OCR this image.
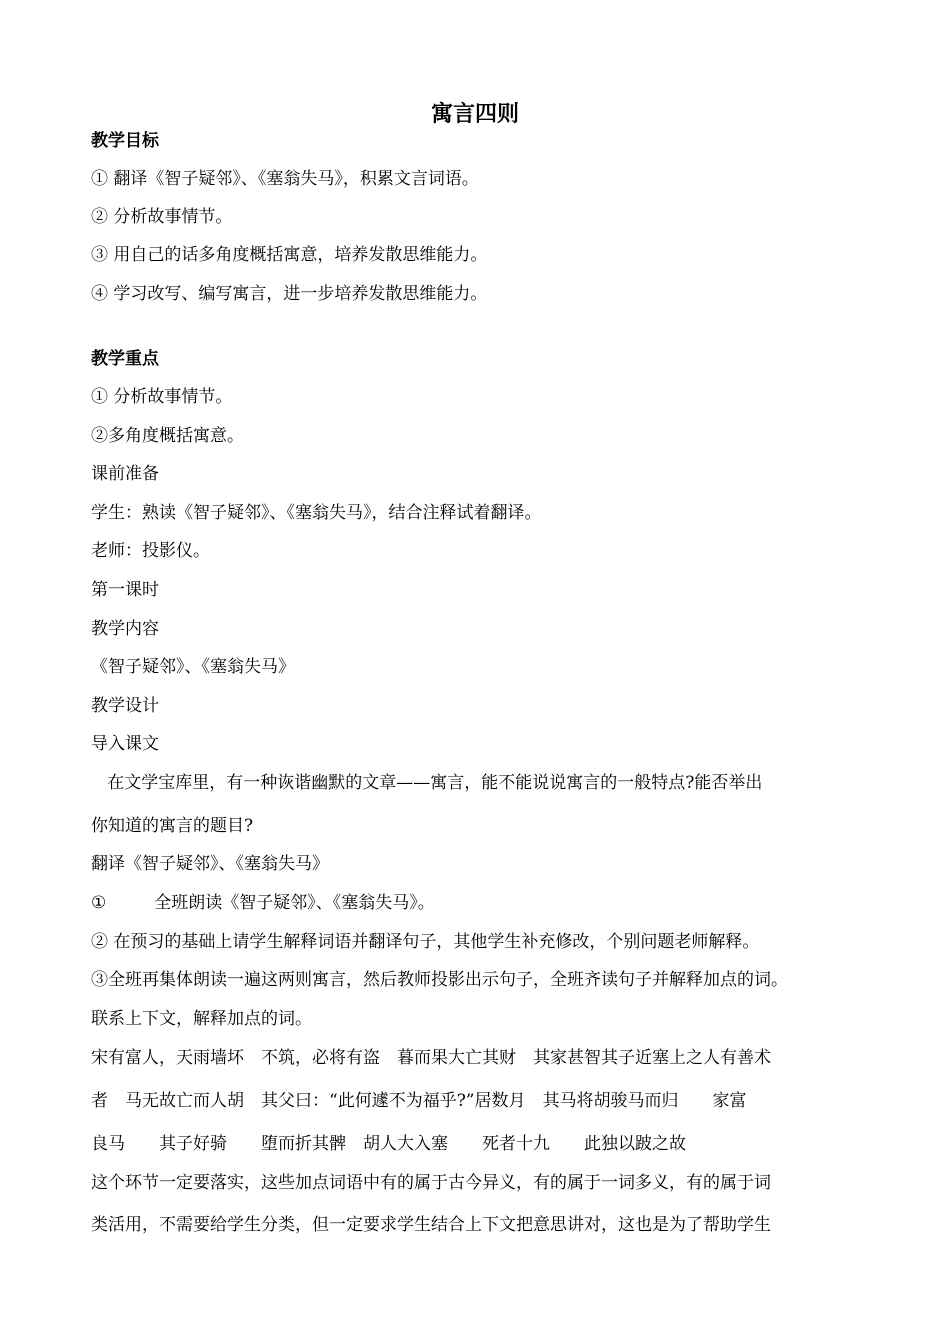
寓言四则
教学目标
① 翻译《智子疑邻》、《塞翁失马》，积累文言词语。
② 分析故事情节。
③ 用自己的话多角度概括寓意，培养发散思维能力。
④ 学习改写、编写寓言，进一步培养发散思维能力。
教学重点
① 分析故事情节。
②多角度概括寓意。
课前准备
学生：熟读《智子疑邻》、《塞翁失马》，结合注释试着翻译。
老师：投影仪。
第一课时
教学内容
《智子疑邻》、《塞翁失马》
教学设计
导入课文
在文学宝库里，有一种诙谐幽默的文章——寓言，能不能说说寓言的一般特点?能否举出
你知道的寓言的题目?
翻译《智子疑邻》、《塞翁失马》
①	全班朗读《智子疑邻》、《塞翁失马》。
② 在预习的基础上请学生解释词语并翻译句子，其他学生补充修改，个别问题老师解释。
③全班再集体朗读一遍这两则寓言，然后教师投影出示句子，全班齐读句子并解释加点的词。
联系上下文，解释加点的词。
宋有富人，天雨墙坏 不筑，必将有盗 暮而果大亡其财 其家甚智其子近塞上之人有善术
者 马无故亡而人胡 其父曰：“此何遽不为福乎?”居数月 其马将胡骏马而归 家富
良马 其子好骑 堕而折其髀 胡人大入塞 死者十九 此独以跛之故
这个环节一定要落实，这些加点词语中有的属于古今异义，有的属于一词多义，有的属于词
类活用，不需要给学生分类，但一定要求学生结合上下文把意思讲对，这也是为了帮助学生
